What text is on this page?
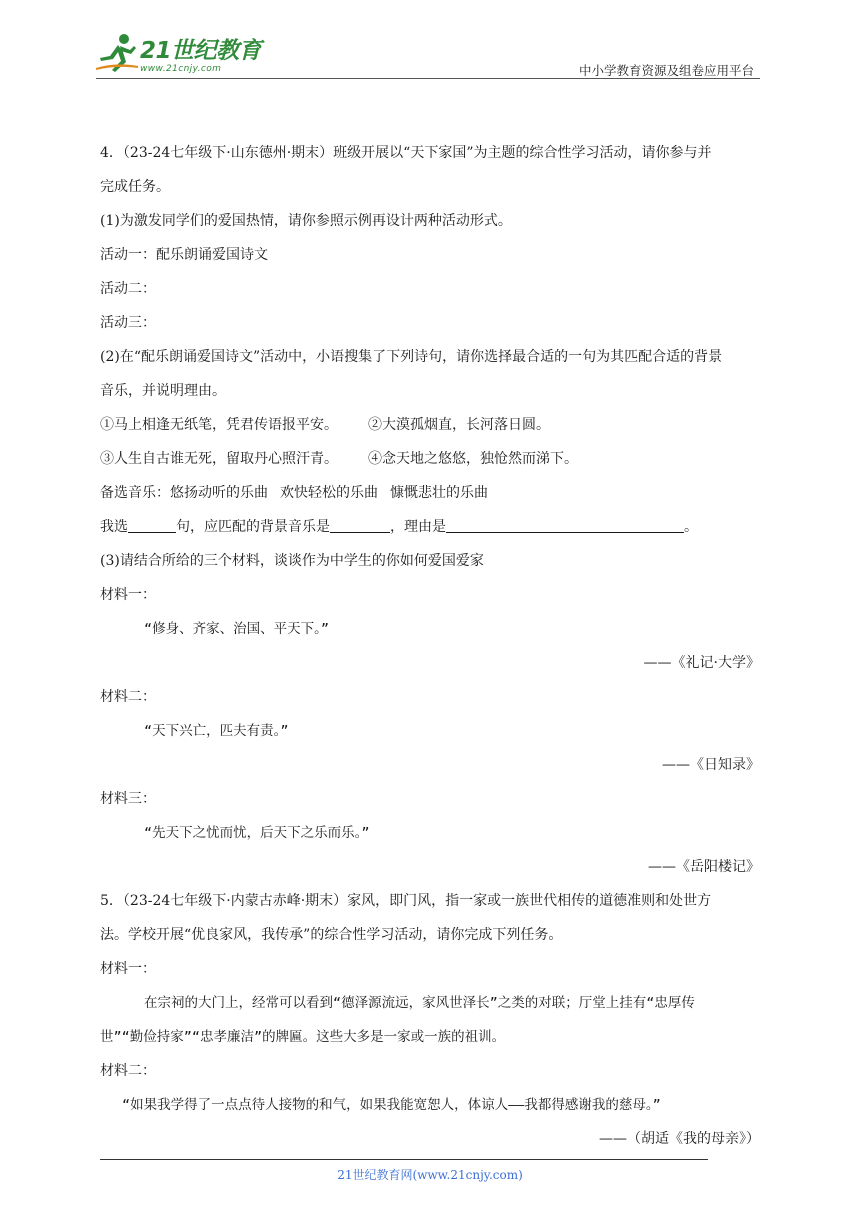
21世纪教育
www.21cnjy.com	中小学教育资源及组卷应用平台

4．（23-24七年级下·山东德州·期末）班级开展以“天下家国”为主题的综合性学习活动，请你参与并

完成任务。

(1)为激发同学们的爱国热情，请你参照示例再设计两种活动形式。

活动一：配乐朗诵爱国诗文

活动二：

活动三：

(2)在“配乐朗诵爱国诗文”活动中，小语搜集了下列诗句，请你选择最合适的一句为其匹配合适的背景

音乐，并说明理由。

①马上相逢无纸笔，凭君传语报平安。 ②大漠孤烟直，长河落日圆。

③人生自古谁无死，留取丹心照汗青。 ④念天地之悠悠，独怆然而涕下。

备选音乐：悠扬动听的乐曲 欢快轻松的乐曲 慷慨悲壮的乐曲

我选	句，应匹配的背景音乐是	，理由是	。

(3)请结合所给的三个材料，谈谈作为中学生的你如何爱国爱家

材料一：

“修身、齐家、治国、平天下。”

——《礼记·大学》

材料二：

“天下兴亡，匹夫有责。”

——《日知录》

材料三：

“先天下之忧而忧，后天下之乐而乐。”

——《岳阳楼记》

5．（23-24七年级下·内蒙古赤峰·期末）家风，即门风，指一家或一族世代相传的道德准则和处世方

法。学校开展“优良家风，我传承”的综合性学习活动，请你完成下列任务。

材料一：

在宗祠的大门上，经常可以看到“德泽源流远，家风世泽长”之类的对联；厅堂上挂有“忠厚传

世”“勤俭持家”“忠孝廉洁”的牌匾。这些大多是一家或一族的祖训。

材料二：

“如果我学得了一点点待人接物的和气，如果我能宽恕人，体谅人——我都得感谢我的慈母。”

——（胡适《我的母亲》）

21世纪教育网(www.21cnjy.com)
